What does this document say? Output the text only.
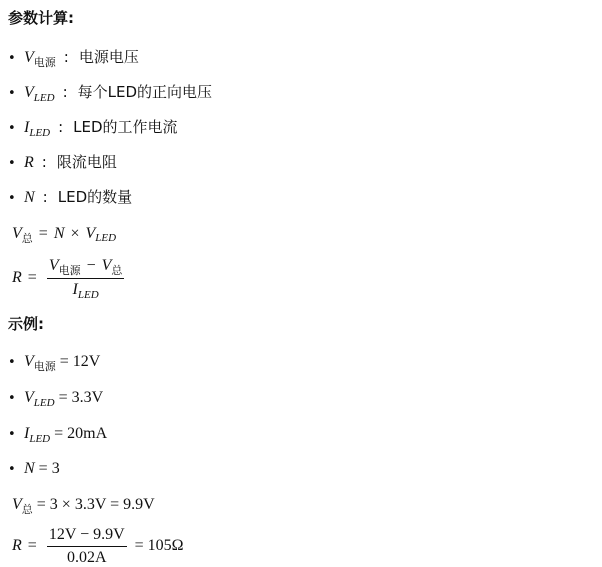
参数计算:
• $V_{电源}$ : 电源电压
• $V_{LED}$ : 每个LED的正向电压
• $I_{LED}$ : LED的工作电流
• R : 限流电阻
• N : LED的数量
V 总 = N × V LED
$R = \frac{V_{电源} - V_总}{I_{LED}}$
示例:
• $V_{电源} = 12V$
• $V_{LED} = 3.3V$
• $I_{LED} = 20mA$
• N = 3
V 总
= 3 × 3.3V = 9.9V
$R = \frac{12V - 9.9V}{0.02A}$
= 105Ω
